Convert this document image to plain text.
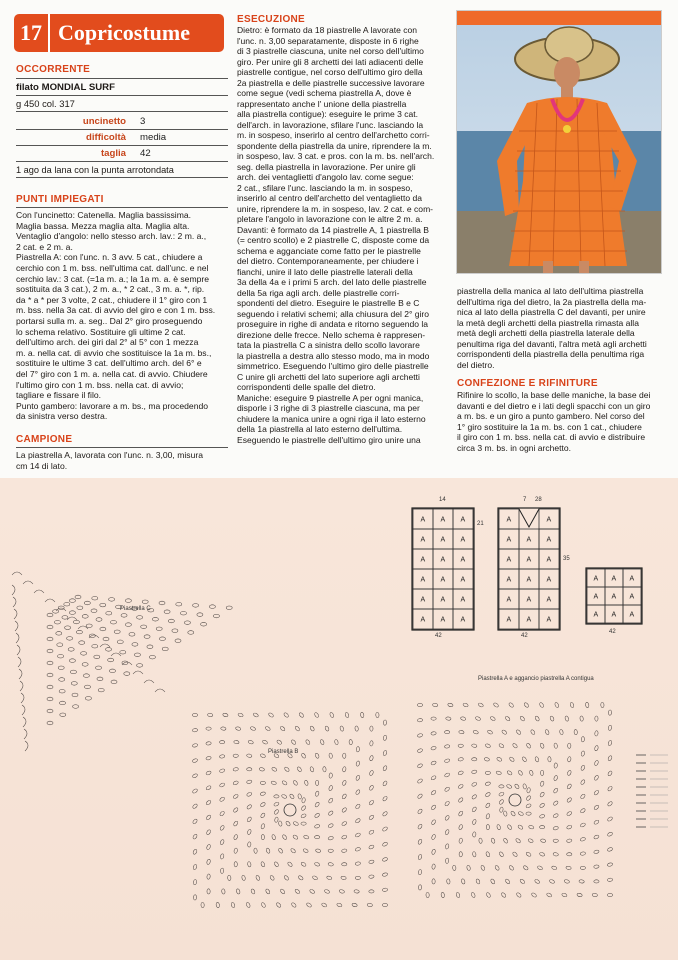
17 Copricostume
OCCORRENTE
filato MONDIAL SURF
g 450 col. 317
uncinetto	3
difficoltà	media
taglia	42
1 ago da lana con la punta arrotondata
PUNTI IMPIEGATI
Con l'uncinetto: Catenella. Maglia bassissima.
Maglia bassa. Mezza maglia alta. Maglia alta.
Ventaglio d'angolo: nello stesso arch. lav.: 2 m. a.,
2 cat. e 2 m. a.
Piastrella A: con l'unc. n. 3 avv. 5 cat., chiudere a
cerchio con 1 m. bss. nell'ultima cat. dall'unc. e nel
cerchio lav.: 3 cat. (=1a m. a.; la 1a m. a. è sempre
sostituita da 3 cat.), 2 m. a., * 2 cat., 3 m. a. *, rip.
da * a * per 3 volte, 2 cat., chiudere il 1° giro con 1
m. bss. nella 3a cat. di avvio del giro e con 1 m. bss.
portarsi sulla m. a. seg.. Dal 2° giro proseguendo
lo schema relativo. Sostituire gli ultime 2 cat.
dell'ultimo arch. dei giri dal 2° al 5° con 1 mezza
m. a. nella cat. di avvio che sostituisce la 1a m. bs.,
sostituire le ultime 3 cat. dell'ultimo arch. del 6° e
del 7° giro con 1 m. a. nella cat. di avvio. Chiudere
l'ultimo giro con 1 m. bss. nella cat. di avvio;
tagliare e fissare il filo.
Punto gambero: lavorare a m. bs., ma procedendo
da sinistra verso destra.
CAMPIONE
La piastrella A, lavorata con l'unc. n. 3,00, misura
cm 14 di lato.
ESECUZIONE
Dietro: è formato da 18 piastrelle A lavorate con
l'unc. n. 3,00 separatamente, disposte in 6 righe
di 3 piastrelle ciascuna, unite nel corso dell'ultimo
giro. Per unire gli 8 archetti dei lati adiacenti delle
piastrelle contigue, nel corso dell'ultimo giro della
2a piastrella e delle piastrelle successive lavorare
come segue (vedi schema piastrella A, dove è
rappresentato anche l' unione della piastrella
alla piastrella contigue): eseguire le prime 3 cat.
dell'arch. in lavorazione, sfilare l'unc. lasciando la
m. in sospeso, inserirlo al centro dell'archetto corri-
spondente della piastrella da unire, riprendere la m.
in sospeso, lav. 3 cat. e pros. con la m. bs. nell'arch.
seg. della piastrella in lavorazione. Per unire gli
arch. dei ventaglietti d'angolo lav. come segue:
2 cat., sfilare l'unc. lasciando la m. in sospeso,
inserirlo al centro dell'archetto del ventaglietto da
unire, riprendere la m. in sospeso, lav. 2 cat. e com-
pletare l'angolo in lavorazione con le altre 2 m. a.
Davanti: è formato da 14 piastrelle A, 1 piastrella B
(= centro scollo) e 2 piastrelle C, disposte come da
schema e agganciate come fatto per le piastrelle
del dietro. Contemporaneamente, per chiudere i
fianchi, unire il lato delle piastrelle laterali della
3a della 4a e i primi 5 arch. del lato delle piastrelle
della 5a riga agli arch. delle piastrelle corri-
spondenti del dietro. Eseguire le piastrelle B e C
seguendo i relativi schemi; alla chiusura del 2° giro
proseguire in righe di andata e ritorno seguendo la
direzione delle frecce. Nello schema è rappresen-
tata la piastrella C a sinistra dello scollo lavorare
la piastrella a destra allo stesso modo, ma in modo
simmetrico. Eseguendo l'ultimo giro delle piastrelle
C unire gli archetti del lato superiore agli archetti
corrispondenti delle spalle del dietro.
Maniche: eseguire 9 piastrelle A per ogni manica,
disporle i 3 righe di 3 piastrelle ciascuna, ma per
chiudere la manica unire a ogni riga il lato esterno
della 1a piastrella al lato esterno dell'ultima.
Eseguendo le piastrelle dell'ultimo giro unire una
piastrella della manica al lato dell'ultima piastrella
dell'ultima riga del dietro, la 2a piastrella della ma-
nica al lato della piastrella C del davanti, per unire
la metà degli archetti della piastrella rimasta alla
metà degli archetti della piastrella laterale della
penultima riga del davanti, l'altra metà agli archetti
corrispondenti della piastrella della penultima riga
del dietro.
CONFEZIONE E RIFINITURE
Rifinire lo scollo, la base delle maniche, la base dei
davanti e del dietro e i lati degli spacchi con un giro
a m. bs. e un giro a punto gambero. Nel corso del
1° giro sostituire la 1a m. bs. con 1 cat., chiudere
il giro con 1 m. bss. nella cat. di avvio e distribuire
circa 3 m. bs. in ogni archetto.
A A A
A A A
A A A
A A A
A A A
A A A
A	A
A A A
A A A
A A A
A A A
A A A
A A A
A A A
A A A
14	7 28
42	42
42
21
35
Piastrella C
Piastrella B
Piastrella A e aggancio piastrella A contigua
